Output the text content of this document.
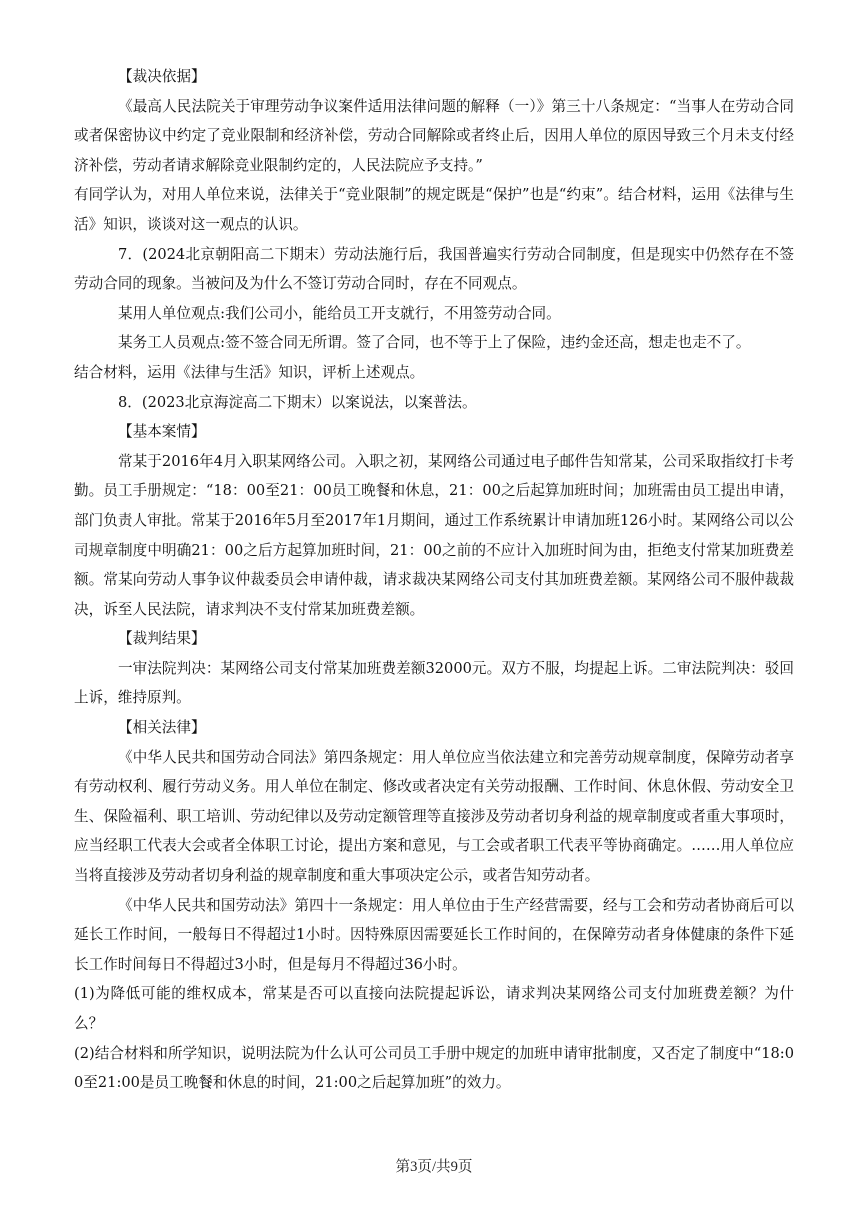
【裁决依据】

《最高人民法院关于审理劳动争议案件适用法律问题的解释（一）》第三十八条规定：“当事人在劳动合同或者保密协议中约定了竞业限制和经济补偿，劳动合同解除或者终止后，因用人单位的原因导致三个月未支付经济补偿，劳动者请求解除竞业限制约定的，人民法院应予支持。”

有同学认为，对用人单位来说，法律关于“竞业限制”的规定既是“保护”也是“约束”。结合材料，运用《法律与生活》知识，谈谈对这一观点的认识。

7．(2024北京朝阳高二下期末）劳动法施行后，我国普遍实行劳动合同制度，但是现实中仍然存在不签劳动合同的现象。当被问及为什么不签订劳动合同时，存在不同观点。

某用人单位观点:我们公司小，能给员工开支就行，不用签劳动合同。

某务工人员观点:签不签合同无所谓。签了合同，也不等于上了保险，违约金还高，想走也走不了。

结合材料，运用《法律与生活》知识，评析上述观点。

8．(2023北京海淀高二下期末）以案说法，以案普法。

【基本案情】

常某于2016年4月入职某网络公司。入职之初，某网络公司通过电子邮件告知常某，公司采取指纹打卡考勤。员工手册规定：“18：00至21：00员工晚餐和休息，21：00之后起算加班时间；加班需由员工提出申请，部门负责人审批。常某于2016年5月至2017年1月期间，通过工作系统累计申请加班126小时。某网络公司以公司规章制度中明确21：00之后方起算加班时间，21：00之前的不应计入加班时间为由，拒绝支付常某加班费差额。常某向劳动人事争议仲裁委员会申请仲裁，请求裁决某网络公司支付其加班费差额。某网络公司不服仲裁裁决，诉至人民法院，请求判决不支付常某加班费差额。

【裁判结果】

一审法院判决：某网络公司支付常某加班费差额32000元。双方不服，均提起上诉。二审法院判决：驳回上诉，维持原判。

【相关法律】

《中华人民共和国劳动合同法》第四条规定：用人单位应当依法建立和完善劳动规章制度，保障劳动者享有劳动权利、履行劳动义务。用人单位在制定、修改或者决定有关劳动报酬、工作时间、休息休假、劳动安全卫生、保险福利、职工培训、劳动纪律以及劳动定额管理等直接涉及劳动者切身利益的规章制度或者重大事项时，应当经职工代表大会或者全体职工讨论，提出方案和意见，与工会或者职工代表平等协商确定。……用人单位应当将直接涉及劳动者切身利益的规章制度和重大事项决定公示，或者告知劳动者。

《中华人民共和国劳动法》第四十一条规定：用人单位由于生产经营需要，经与工会和劳动者协商后可以延长工作时间，一般每日不得超过1小时。因特殊原因需要延长工作时间的，在保障劳动者身体健康的条件下延长工作时间每日不得超过3小时，但是每月不得超过36小时。

(1)为降低可能的维权成本，常某是否可以直接向法院提起诉讼，请求判决某网络公司支付加班费差额？为什么？

(2)结合材料和所学知识，说明法院为什么认可公司员工手册中规定的加班申请审批制度，又否定了制度中“18:00至21:00是员工晚餐和休息的时间，21:00之后起算加班”的效力。

第3页/共9页
